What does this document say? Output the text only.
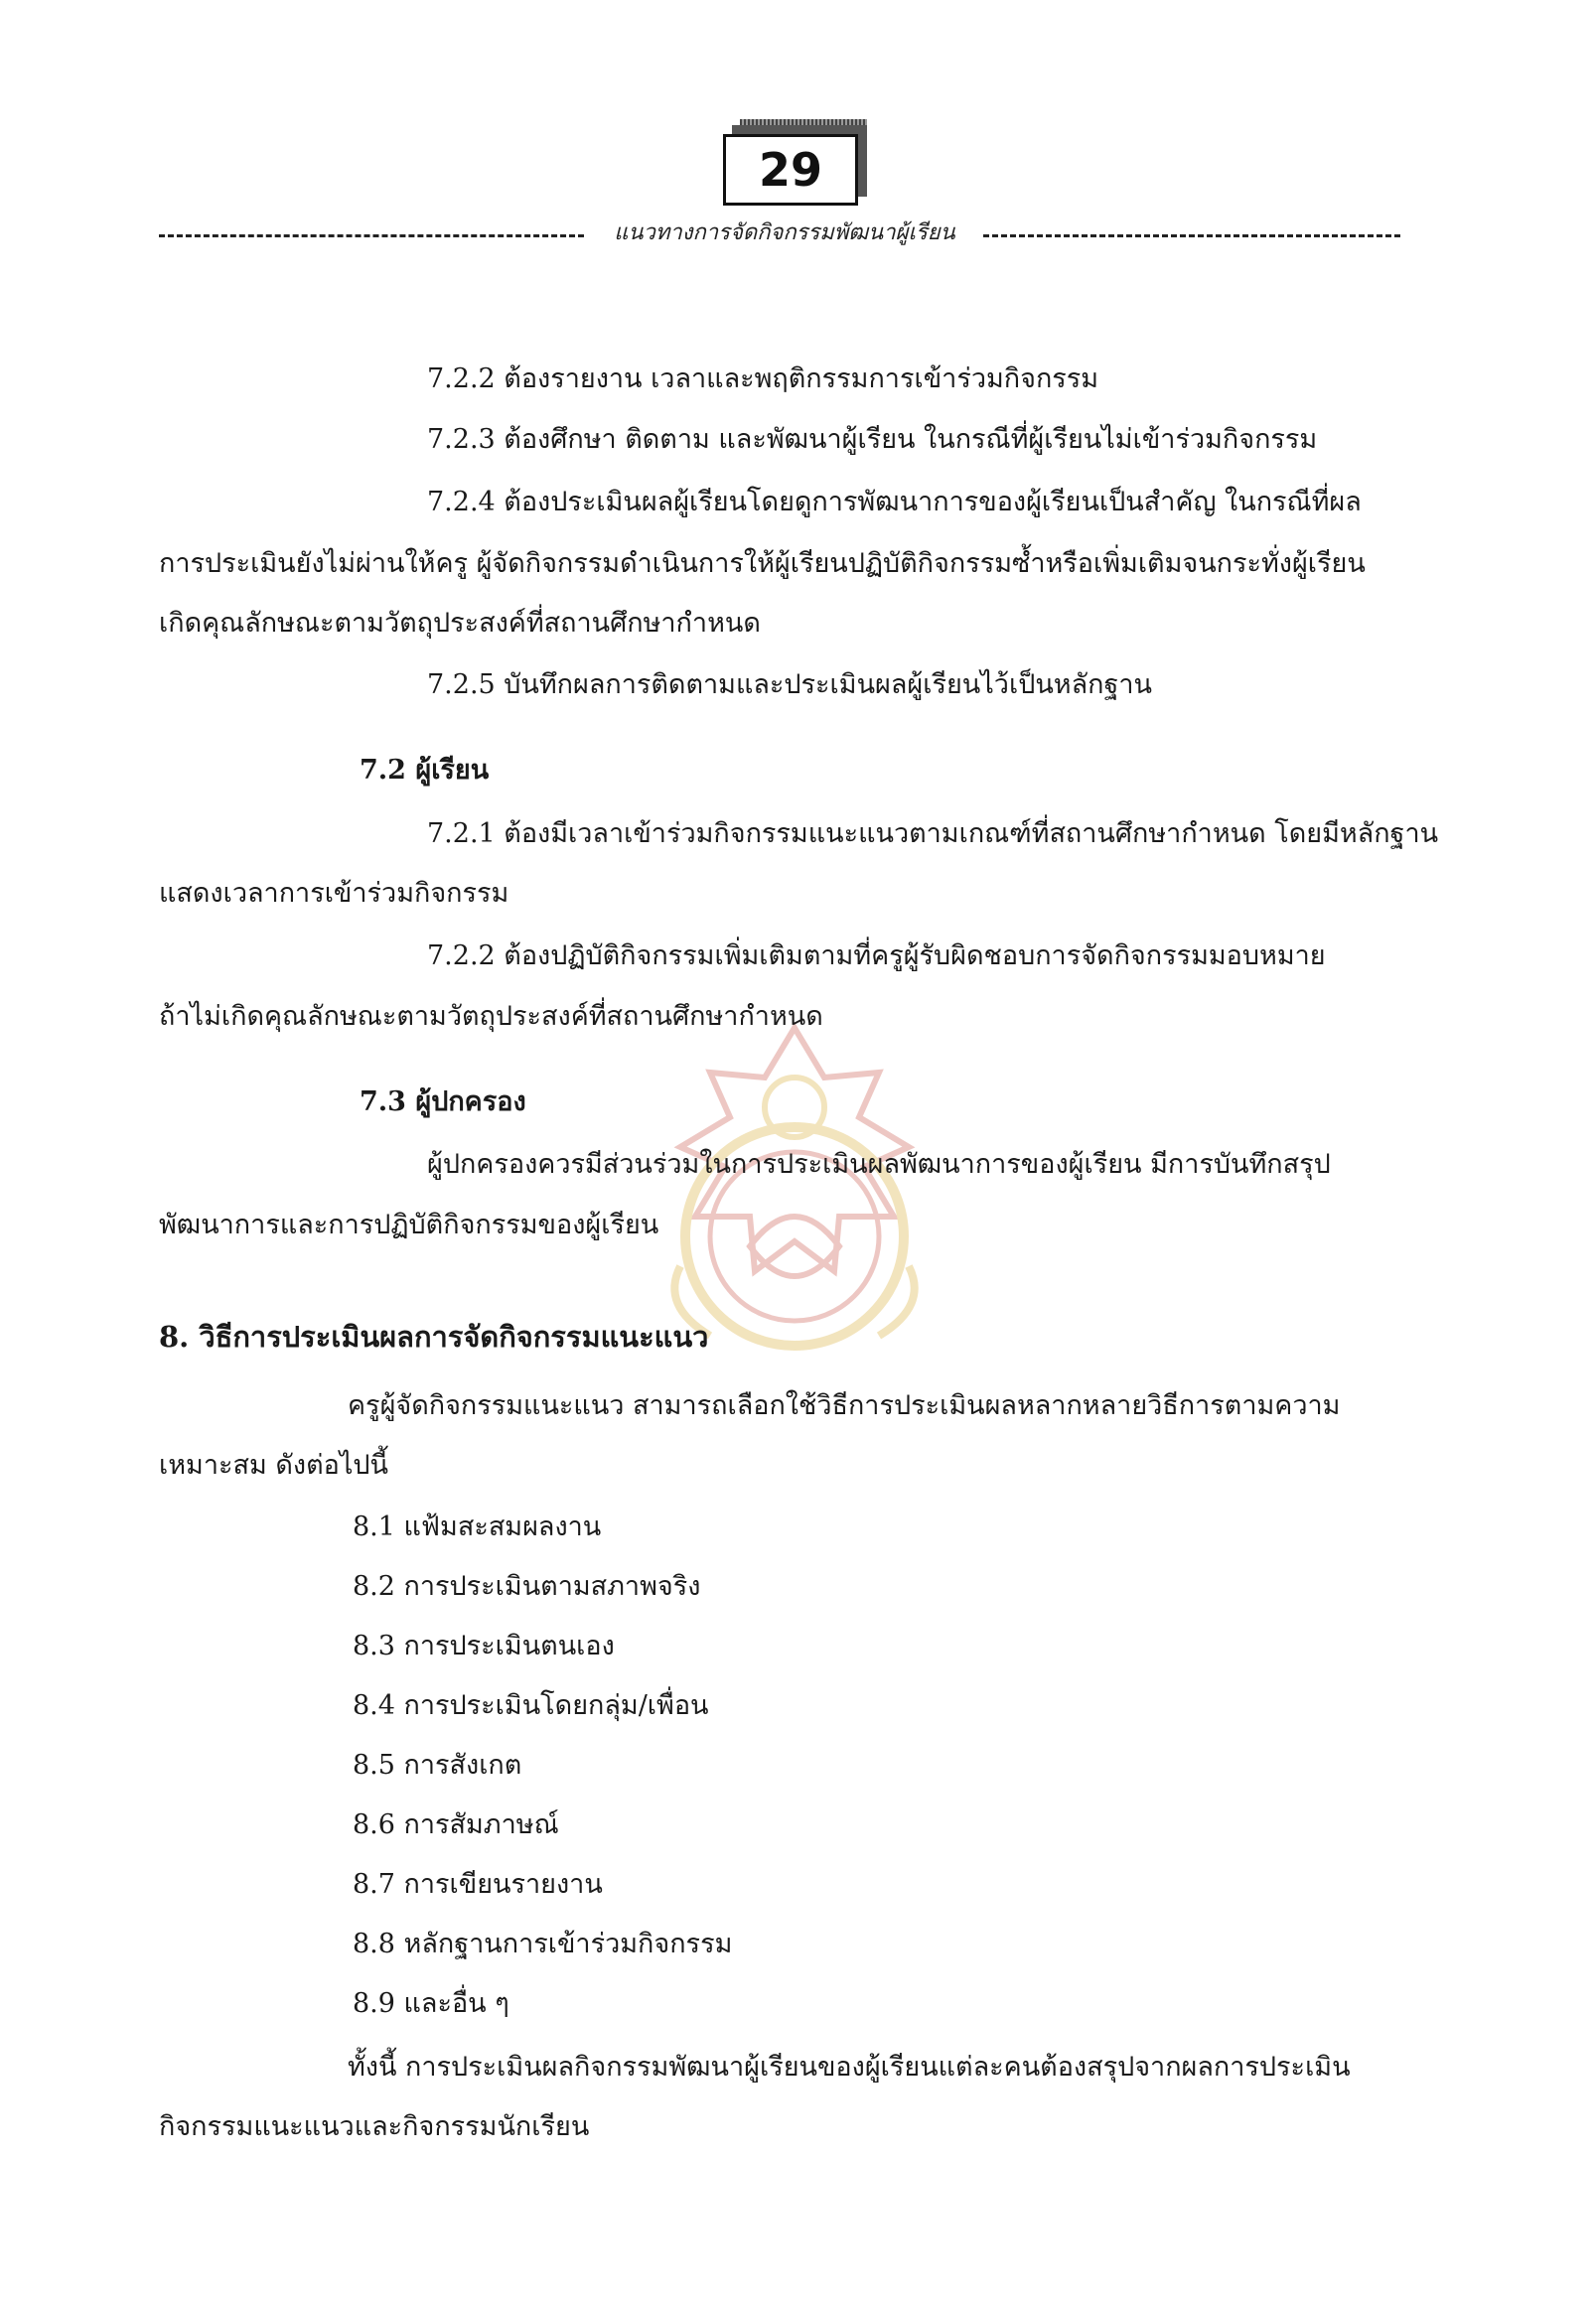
29
แนวทางการจัดกิจกรรมพัฒนาผู้เรียน
7.2.2 ต้องรายงาน เวลาและพฤติกรรมการเข้าร่วมกิจกรรม
7.2.3 ต้องศึกษา ติดตาม และพัฒนาผู้เรียน ในกรณีที่ผู้เรียนไม่เข้าร่วมกิจกรรม
7.2.4 ต้องประเมินผลผู้เรียนโดยดูการพัฒนาการของผู้เรียนเป็นสำคัญ ในกรณีที่ผล
การประเมินยังไม่ผ่านให้ครู ผู้จัดกิจกรรมดำเนินการให้ผู้เรียนปฏิบัติกิจกรรมซ้ำหรือเพิ่มเติมจนกระทั่งผู้เรียน
เกิดคุณลักษณะตามวัตถุประสงค์ที่สถานศึกษากำหนด
7.2.5 บันทึกผลการติดตามและประเมินผลผู้เรียนไว้เป็นหลักฐาน
7.2 ผู้เรียน
7.2.1 ต้องมีเวลาเข้าร่วมกิจกรรมแนะแนวตามเกณฑ์ที่สถานศึกษากำหนด โดยมีหลักฐาน
แสดงเวลาการเข้าร่วมกิจกรรม
7.2.2 ต้องปฏิบัติกิจกรรมเพิ่มเติมตามที่ครูผู้รับผิดชอบการจัดกิจกรรมมอบหมาย
ถ้าไม่เกิดคุณลักษณะตามวัตถุประสงค์ที่สถานศึกษากำหนด
7.3 ผู้ปกครอง
ผู้ปกครองควรมีส่วนร่วมในการประเมินผลพัฒนาการของผู้เรียน มีการบันทึกสรุป
พัฒนาการและการปฏิบัติกิจกรรมของผู้เรียน
8. วิธีการประเมินผลการจัดกิจกรรมแนะแนว
ครูผู้จัดกิจกรรมแนะแนว สามารถเลือกใช้วิธีการประเมินผลหลากหลายวิธีการตามความ
เหมาะสม ดังต่อไปนี้
8.1 แฟ้มสะสมผลงาน
8.2 การประเมินตามสภาพจริง
8.3 การประเมินตนเอง
8.4 การประเมินโดยกลุ่ม/เพื่อน
8.5 การสังเกต
8.6 การสัมภาษณ์
8.7 การเขียนรายงาน
8.8 หลักฐานการเข้าร่วมกิจกรรม
8.9 และอื่น ๆ
ทั้งนี้ การประเมินผลกิจกรรมพัฒนาผู้เรียนของผู้เรียนแต่ละคนต้องสรุปจากผลการประเมิน
กิจกรรมแนะแนวและกิจกรรมนักเรียน
